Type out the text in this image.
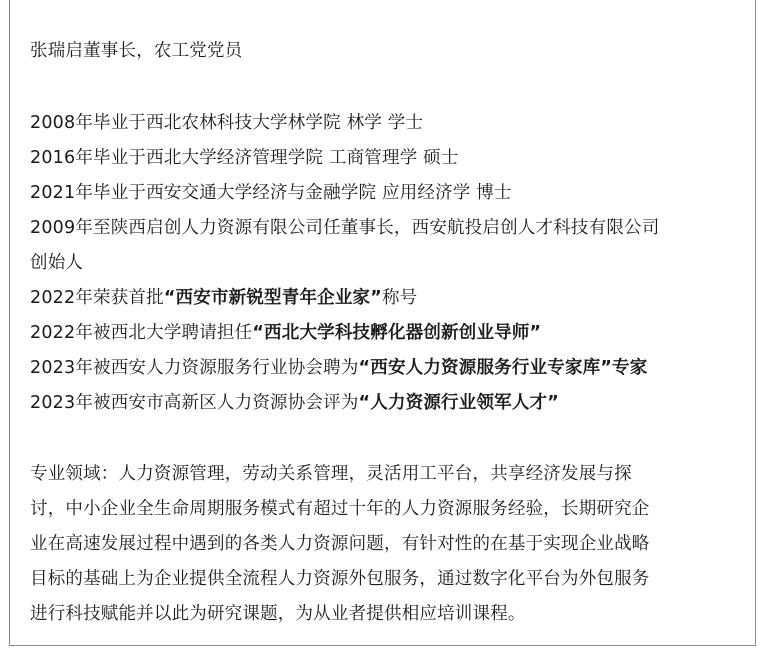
张瑞启董事长，农工党党员
2008年毕业于西北农林科技大学林学院 林学 学士
2016年毕业于西北大学经济管理学院 工商管理学 硕士
2021年毕业于西安交通大学经济与金融学院 应用经济学 博士
2009年至陕西启创人力资源有限公司任董事长，西安航投启创人才科技有限公司
创始人
2022年荣获首批“西安市新锐型青年企业家”称号
2022年被西北大学聘请担任“西北大学科技孵化器创新创业导师”
2023年被西安人力资源服务行业协会聘为“西安人力资源服务行业专家库”专家
2023年被西安市高新区人力资源协会评为“人力资源行业领军人才”
专业领域：人力资源管理，劳动关系管理，灵活用工平台，共享经济发展与探
讨，中小企业全生命周期服务模式有超过十年的人力资源服务经验，长期研究企
业在高速发展过程中遇到的各类人力资源问题，有针对性的在基于实现企业战略
目标的基础上为企业提供全流程人力资源外包服务，通过数字化平台为外包服务
进行科技赋能并以此为研究课题，为从业者提供相应培训课程。
